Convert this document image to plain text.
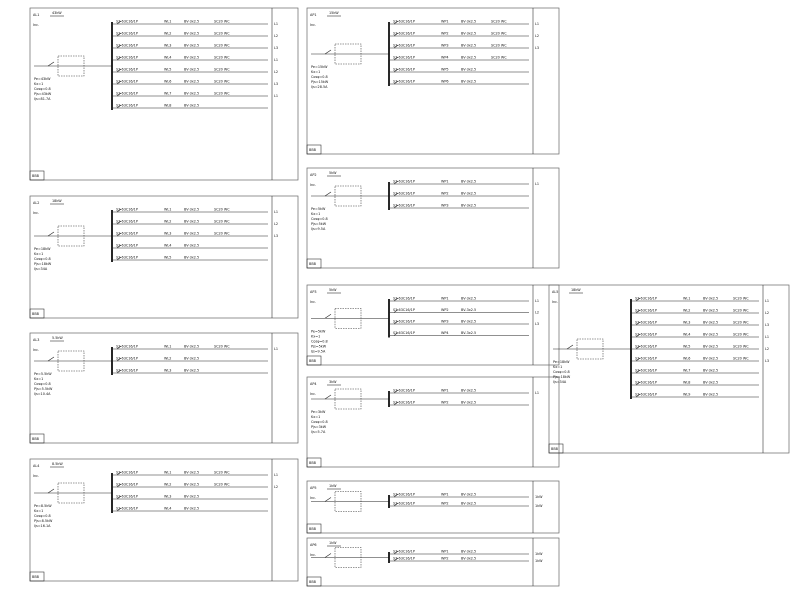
AL1	43kW
BBB
Inc.
Pe=43kW
Kx=1
Cosφ=0.8
Pjs=43kW
Ijs=81.7A
S3-63C16/1P	WL1	BV-3x2.5	SC20 WC
L1
S3-63C16/1P	WL2	BV-3x2.5	SC20 WC
L2
S3-63C16/1P	WL3	BV-3x2.5	SC20 WC
L3
S3-63C16/1P	WL4	BV-3x2.5	SC20 WC
L1
S3-63C16/1P	WL5	BV-3x2.5	SC20 WC
L2
S3-63C16/1P	WL6	BV-3x2.5	SC20 WC
L3
S3-63C16/1P	WL7	BV-3x2.5	SC20 WC
L1
S3-63C16/1P	WL8	BV-3x2.5
AL2	18kW
BBB
Inc.
Pe=18kW
Kx=1
Cosφ=0.8
Pjs=18kW
Ijs=34A
S3-63C16/1P	WL1	BV-3x2.5	SC20 WC
L1
S3-63C16/1P	WL2	BV-3x2.5	SC20 WC
L2
S3-63C16/1P	WL3	BV-3x2.5	SC20 WC
L3
S3-63C16/1P	WL4	BV-3x2.5
S3-63C16/1P	WL5	BV-3x2.5
AL3	5.5kW
BBB
Inc.
Pe=5.5kW
Kx=1
Cosφ=0.8
Pjs=5.5kW
Ijs=10.4A
S3-63C16/1P	WL1	BV-3x2.5	SC20 WC
L1
S3-63C16/1P	WL2	BV-3x2.5
S3-63C16/1P	WL3	BV-3x2.5
AL4	8.5kW
BBB
Inc.
Pe=8.5kW
Kx=1
Cosφ=0.8
Pjs=8.5kW
Ijs=16.1A
S3-63C16/1P	WL1	BV-3x2.5	SC20 WC
L1
S3-63C16/1P	WL2	BV-3x2.5	SC20 WC
L2
S3-63C16/1P	WL3	BV-3x2.5
S3-63C16/1P	WL4	BV-3x2.5
AP1	15kW
BBB
Inc.
Pe=15kW
Kx=1
Cosφ=0.8
Pjs=15kW
Ijs=28.5A
S3-63C16/1P	WP1	BV-3x2.5	SC20 WC
L1
S3-63C16/1P	WP2	BV-3x2.5	SC20 WC
L2
S3-63C16/1P	WP3	BV-3x2.5	SC20 WC
L3
S3-63C16/1P	WP4	BV-3x2.5	SC20 WC
S3-63C16/1P	WP5	BV-3x2.5
S3-63C16/1P	WP6	BV-3x2.5
AP2	5kW
BBB
Inc.
Pe=5kW
Kx=1
Cosφ=0.8
Pjs=5kW
Ijs=9.5A
S3-63C16/1P	WP1	BV-3x2.5
L1
S3-63C16/1P	WP2	BV-3x2.5
S3-63C16/1P	WP3	BV-3x2.5
AP3	5kW
BBB
Inc.
Pe=5kW
Kx=1
Cosφ=0.8
Pjs=5kW
Ijs=9.5A
S3-63C16/1P	WP1	BV-3x2.5
L1
S3-63C16/1P	WP2	BV-3x2.5
L2
S3-63C16/1P	WP3	BV-3x2.5
L3
S3-63C16/1P	WP4	BV-3x2.5
AP4	3kW
BBB
Inc.
Pe=3kW
Kx=1
Cosφ=0.8
Pjs=3kW
Ijs=5.7A
S3-63C16/1P	WP1	BV-3x2.5
L1
S3-63C16/1P	WP2	BV-3x2.5
AP5	1kW
BBB
Inc.
S3-63C16/1P	WP1	BV-3x2.5
1kW
S3-63C16/1P	WP2	BV-3x2.5
1kW
AP6	1kW
BBB
Inc.
S3-63C16/1P	WP1	BV-3x2.5
1kW
S3-63C16/1P	WP2	BV-3x2.5
1kW
AL5	18kW
BBB
Inc.
Pe=18kW
Kx=1
Cosφ=0.8
Pjs=18kW
Ijs=34A
S3-63C16/1P	WL1	BV-3x2.5	SC20 WC
L1
S3-63C16/1P	WL2	BV-3x2.5	SC20 WC
L2
S3-63C16/1P	WL3	BV-3x2.5	SC20 WC
L3
S3-63C16/1P	WL4	BV-3x2.5	SC20 WC
L1
S3-63C16/1P	WL5	BV-3x2.5	SC20 WC
L2
S3-63C16/1P	WL6	BV-3x2.5	SC20 WC
L3
S3-63C16/1P	WL7	BV-3x2.5
S3-63C16/1P	WL8	BV-3x2.5
S3-63C16/1P	WL9	BV-3x2.5
